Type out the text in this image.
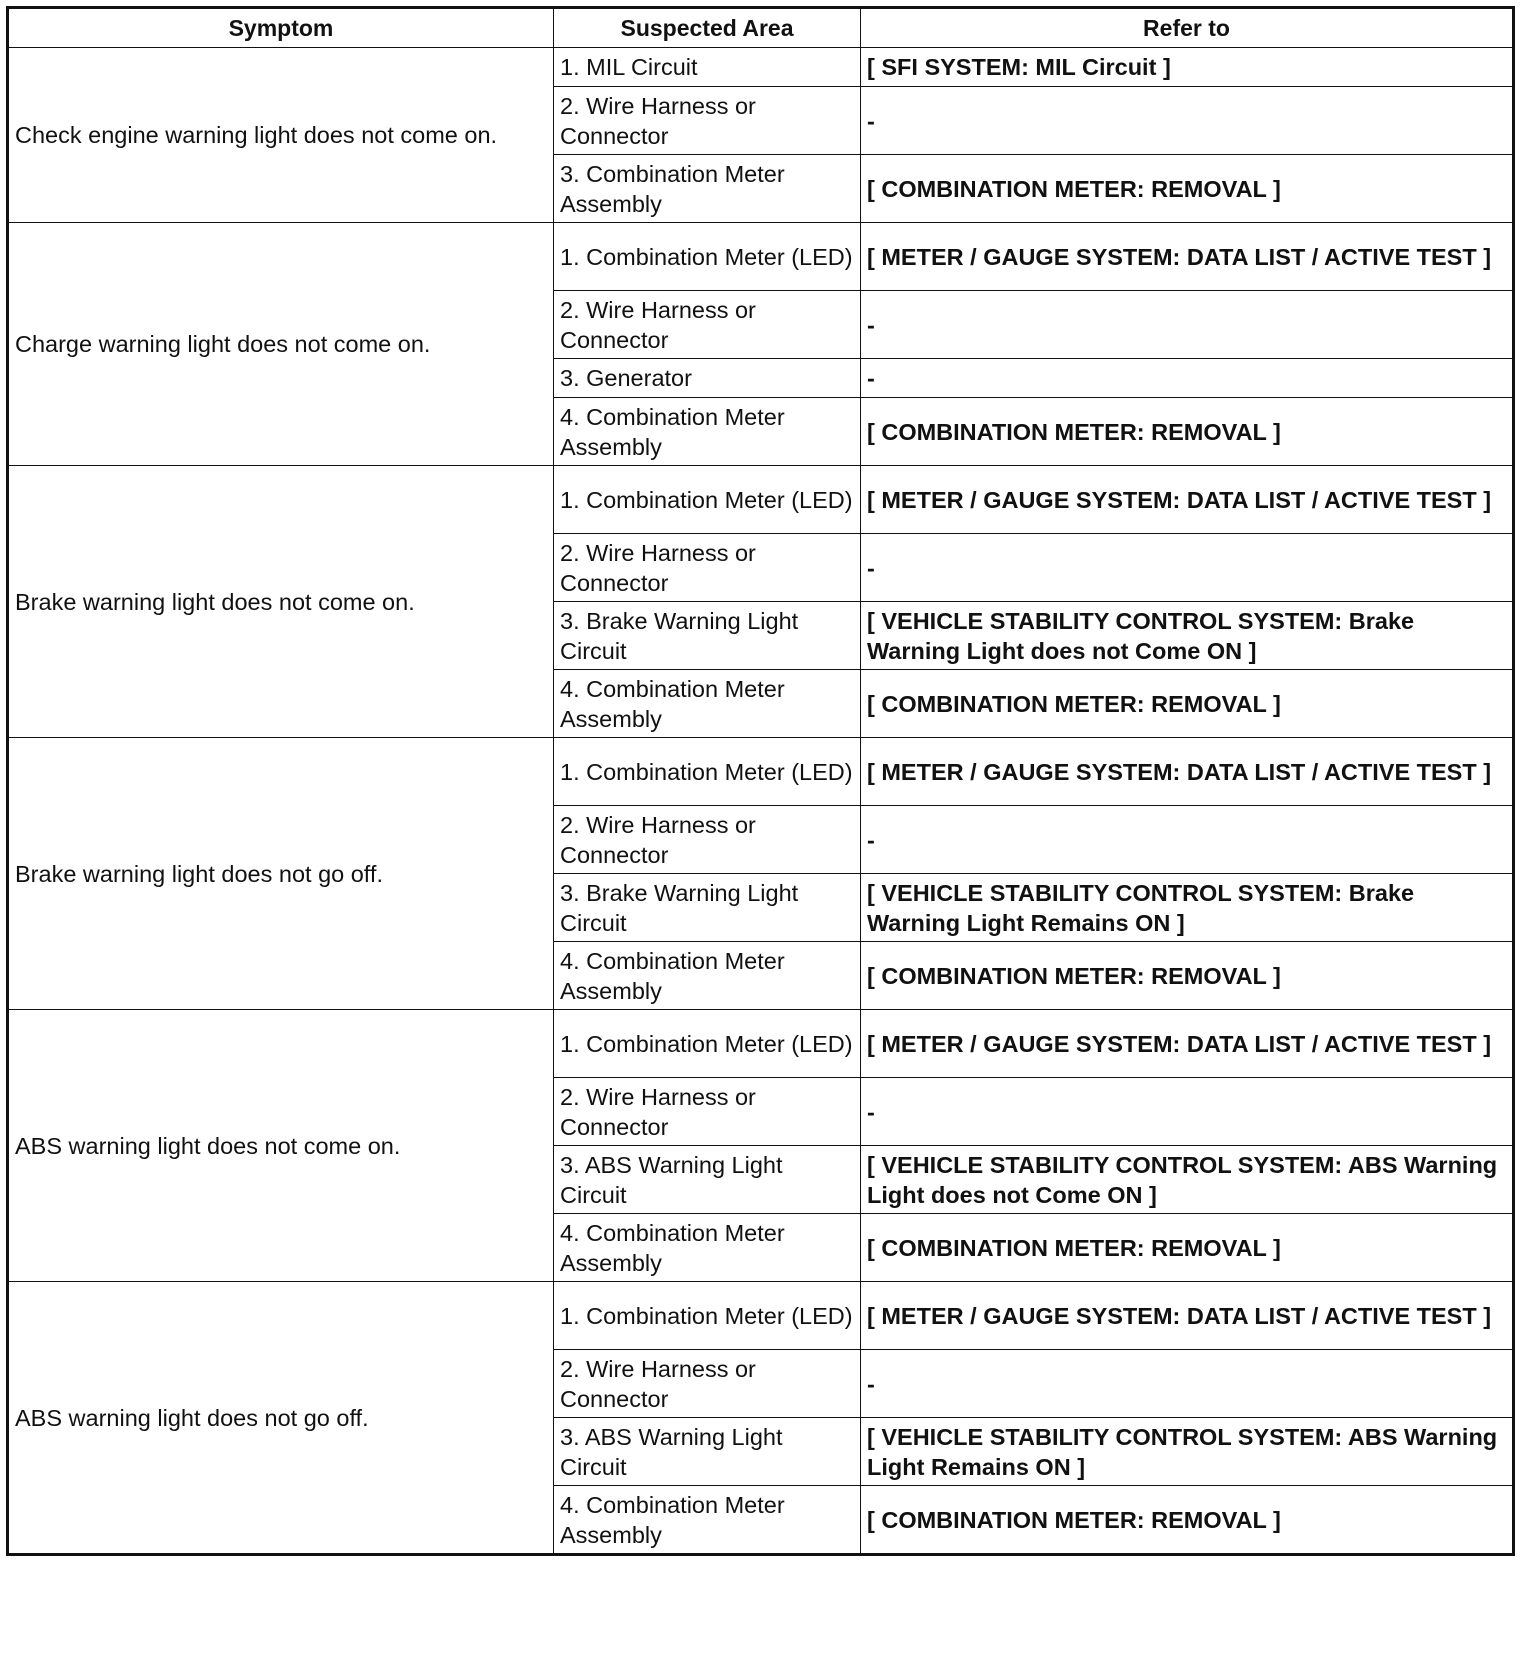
Symptom	Suspected Area	Refer to
Check engine warning light does not come on.	1. MIL Circuit	[ SFI SYSTEM: MIL Circuit ]
	2. Wire Harness or Connector	-
	3. Combination Meter Assembly	[ COMBINATION METER: REMOVAL ]
Charge warning light does not come on.	1. Combination Meter (LED)	[ METER / GAUGE SYSTEM: DATA LIST / ACTIVE TEST ]
	2. Wire Harness or Connector	-
	3. Generator	-
	4. Combination Meter Assembly	[ COMBINATION METER: REMOVAL ]
Brake warning light does not come on.	1. Combination Meter (LED)	[ METER / GAUGE SYSTEM: DATA LIST / ACTIVE TEST ]
	2. Wire Harness or Connector	-
	3. Brake Warning Light Circuit	[ VEHICLE STABILITY CONTROL SYSTEM: Brake Warning Light does not Come ON ]
	4. Combination Meter Assembly	[ COMBINATION METER: REMOVAL ]
Brake warning light does not go off.	1. Combination Meter (LED)	[ METER / GAUGE SYSTEM: DATA LIST / ACTIVE TEST ]
	2. Wire Harness or Connector	-
	3. Brake Warning Light Circuit	[ VEHICLE STABILITY CONTROL SYSTEM: Brake Warning Light Remains ON ]
	4. Combination Meter Assembly	[ COMBINATION METER: REMOVAL ]
ABS warning light does not come on.	1. Combination Meter (LED)	[ METER / GAUGE SYSTEM: DATA LIST / ACTIVE TEST ]
	2. Wire Harness or Connector	-
	3. ABS Warning Light Circuit	[ VEHICLE STABILITY CONTROL SYSTEM: ABS Warning Light does not Come ON ]
	4. Combination Meter Assembly	[ COMBINATION METER: REMOVAL ]
ABS warning light does not go off.	1. Combination Meter (LED)	[ METER / GAUGE SYSTEM: DATA LIST / ACTIVE TEST ]
	2. Wire Harness or Connector	-
	3. ABS Warning Light Circuit	[ VEHICLE STABILITY CONTROL SYSTEM: ABS Warning Light Remains ON ]
	4. Combination Meter Assembly	[ COMBINATION METER: REMOVAL ]
